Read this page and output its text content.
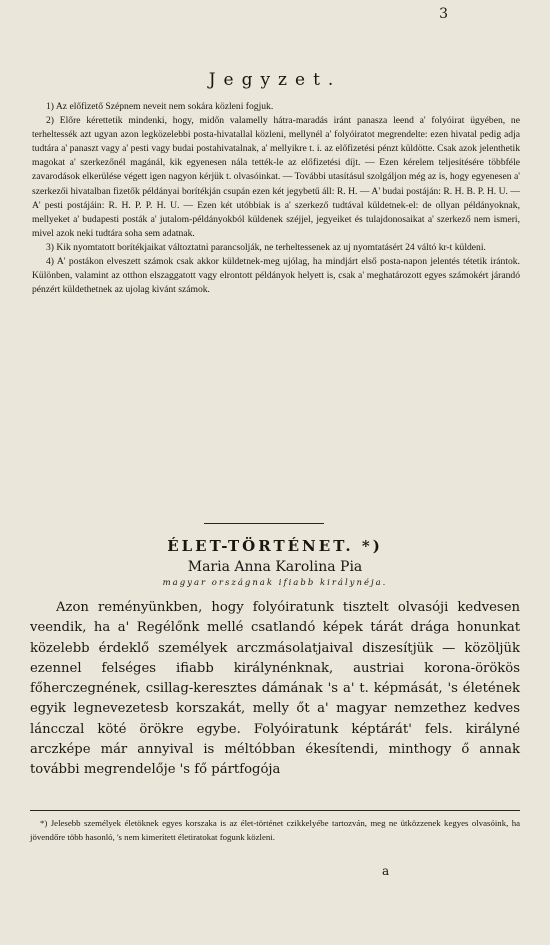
3
Jegyzet.

1) Az előfizető Szépnem neveit nem sokára közleni fogjuk.

2) Előre kérettetik mindenki, hogy, midőn valamelly hátra-maradás iránt panasza leend a' folyóirat ügyében, ne terheltessék azt ugyan azon legközelebbi posta-hivatallal közleni, mellynél a' folyóiratot megrendelte: ezen hivatal pedig adja tudtára a' panaszt vagy a' pesti vagy budai postahivatalnak, a' mellyikre t. i. az előfizetési pénzt küldötte. Csak azok jelenthetik magokat a' szerkezőnél magánál, kik egyenesen nála tették-le az előfizetési díjt. — Ezen kérelem teljesítésére többféle zavarodások elkerülése végett igen nagyon kérjük t. olvasóinkat. — További utasításul szolgáljon még az is, hogy egyenesen a' szerkezői hivatalban fizetők példányai borítékján csupán ezen két jegybetű áll: R. H. — A' budai postáján: R. H. B. P. H. U. — A' pesti postájáin: R. H. P. P. H. U. — Ezen két utóbbiak is a' szerkező tudtával küldetnek-el: de ollyan példányoknak, mellyeket a' budapesti posták a' jutalom-példányokból küldenek széjjel, jegyeiket és tulajdonosaikat a' szerkező nem ismeri, mivel azok neki tudtára soha sem adatnak.

3) Kik nyomtatott borítékjaikat változtatni parancsolják, ne terheltessenek az uj nyomtatásért 24 váltó kr-t küldeni.

4) A' postákon elveszett számok csak akkor küldetnek-meg ujólag, ha mindjárt első posta-napon jelentés tétetik irántok. Különben, valamint az otthon elszaggatott vagy elrontott példányok helyett is, csak a' meghatározott egyes számokért járandó pénzért küldethetnek az ujolag kivánt számok.

ÉLET-TÖRTÉNET. *)
Maria Anna Karolina Pia
magyar országnak ifiabb királynéja.

Azon reményünkben, hogy folyóiratunk tisztelt olvasóji kedvesen veendik, ha a' Regélőnk mellé csatlandó képek tárát drága honunkat közelebb érdeklő személyek arczmásolatjaival diszesítjük — közöljük ezennel felséges ifiabb királynénknak, austriai korona-örökös főherczegnének, csillag-keresztes dámának 's a' t. képmását, 's életének egyik legnevezetesb korszakát, melly őt a' magyar nemzethez kedves láncczal köté örökre egybe. Folyóiratunk képtárát' fels. királyné arczképe már annyival is méltóbban ékesítendi, minthogy ő annak további megrendelője 's fő pártfogója

*) Jelesebb személyek életöknek egyes korszaka is az élet-történet czikkelyébe tartozván, meg ne ütközzenek kegyes olvasóink, ha jövendőre több hasonló, 's nem kimerített életiratokat fogunk közleni.

a
